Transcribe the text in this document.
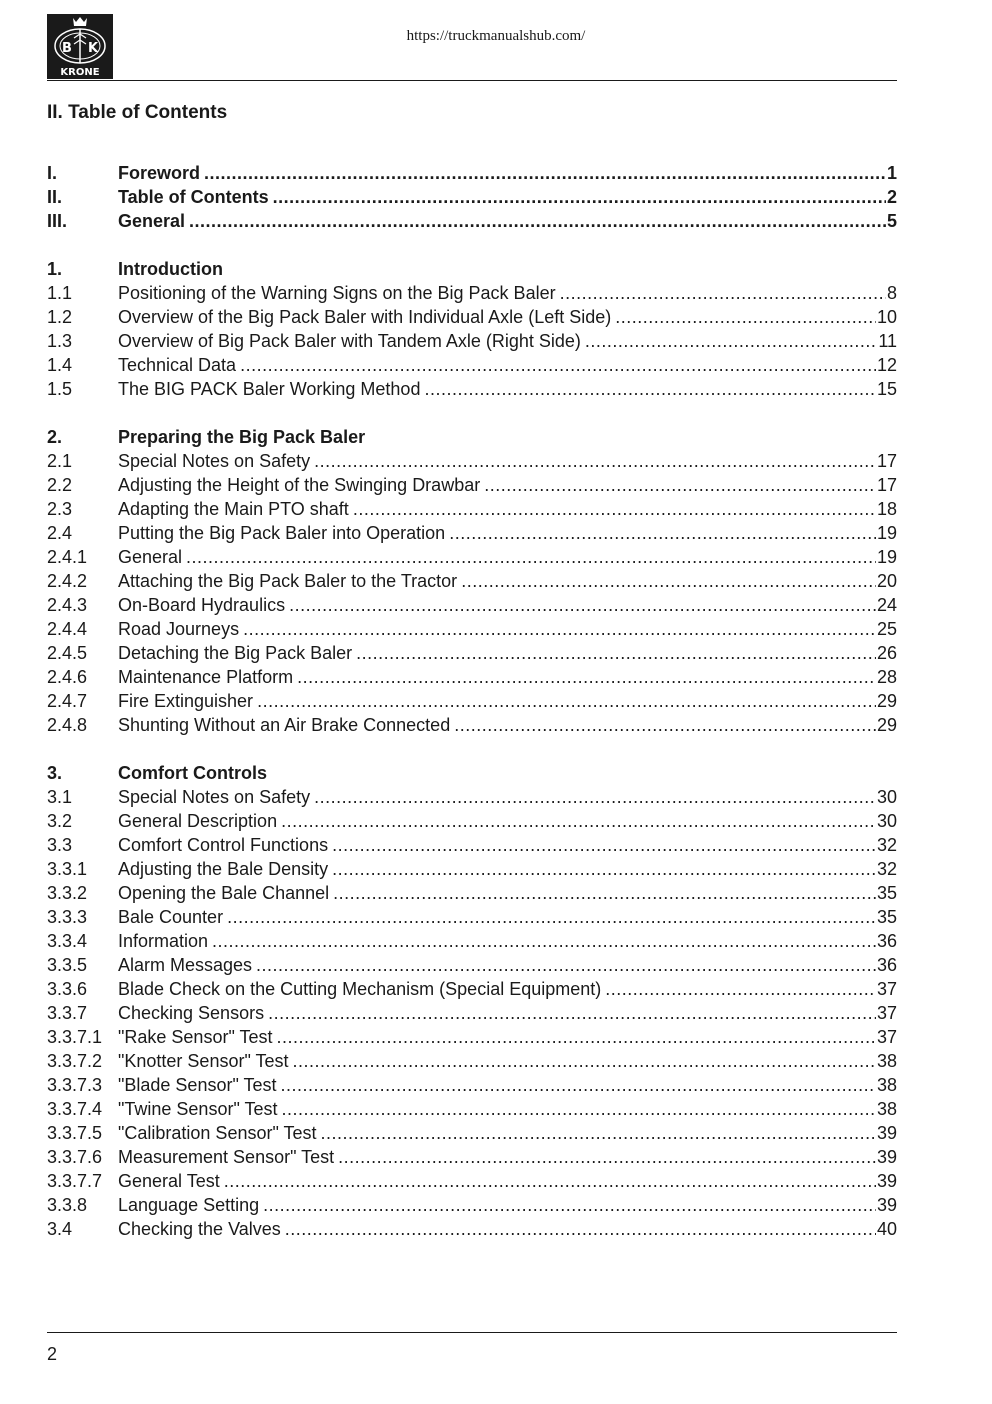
B K
KRONE
https://truckmanualshub.com/
II. Table of Contents
I.	Foreword .....	1
II.	Table of Contents .....	2
III.	General .....	5
1.	Introduction
1.1	Positioning of the Warning Signs on the Big Pack Baler .....	8
1.2	Overview of the Big Pack Baler with Individual Axle (Left Side) .....	10
1.3	Overview of Big Pack Baler with Tandem Axle (Right Side) .....	11
1.4	Technical Data .....	12
1.5	The BIG PACK Baler Working Method .....	15
2.	Preparing the Big Pack Baler
2.1	Special Notes on Safety .....	17
2.2	Adjusting the Height of the Swinging Drawbar .....	17
2.3	Adapting the Main PTO shaft .....	18
2.4	Putting the Big Pack Baler into Operation .....	19
2.4.1	General .....	19
2.4.2	Attaching the Big Pack Baler to the Tractor .....	20
2.4.3	On-Board Hydraulics .....	24
2.4.4	Road Journeys .....	25
2.4.5	Detaching the Big Pack Baler .....	26
2.4.6	Maintenance Platform .....	28
2.4.7	Fire Extinguisher .....	29
2.4.8	Shunting Without an Air Brake Connected .....	29
3.	Comfort Controls
3.1	Special Notes on Safety .....	30
3.2	General Description .....	30
3.3	Comfort Control Functions .....	32
3.3.1	Adjusting the Bale Density .....	32
3.3.2	Opening the Bale Channel .....	35
3.3.3	Bale Counter .....	35
3.3.4	Information .....	36
3.3.5	Alarm Messages .....	36
3.3.6	Blade Check on the Cutting Mechanism (Special Equipment) .....	37
3.3.7	Checking Sensors .....	37
3.3.7.1 "Rake Sensor" Test .....	37
3.3.7.2 "Knotter Sensor" Test .....	38
3.3.7.3 "Blade Sensor" Test .....	38
3.3.7.4 "Twine Sensor" Test .....	38
3.3.7.5 "Calibration Sensor" Test .....	39
3.3.7.6 Measurement Sensor" Test .....	39
3.3.7.7 General Test .....	39
3.3.8	Language Setting .....	39
3.4	Checking the Valves .....	40
2
